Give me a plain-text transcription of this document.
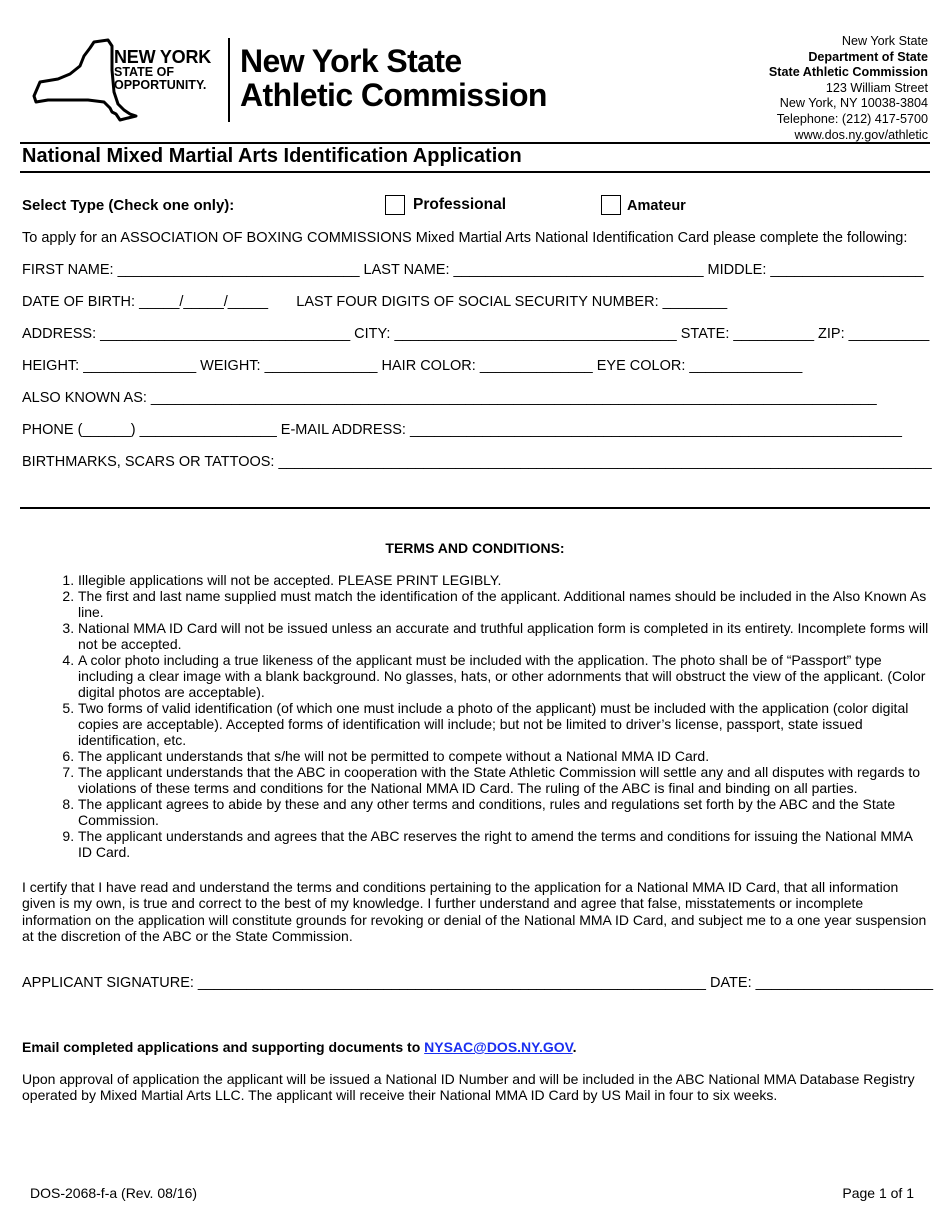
NEW YORK
STATE OF
OPPORTUNITY.
New York State
Athletic Commission
New York State
Department of State
State Athletic Commission
123 William Street
New York, NY 10038-3804
Telephone: (212) 417-5700
www.dos.ny.gov/athletic
National Mixed Martial Arts Identification Application
Select Type (Check one only):	Professional	Amateur
To apply for an ASSOCIATION OF BOXING COMMISSIONS Mixed Martial Arts National Identification Card please complete the following:
FIRST NAME: ______________________________ LAST NAME: _______________________________ MIDDLE: ___________________
DATE OF BIRTH: _____/_____/_____       LAST FOUR DIGITS OF SOCIAL SECURITY NUMBER: ________
ADDRESS: _______________________________ CITY: ___________________________________ STATE: __________ ZIP: __________
HEIGHT: ______________ WEIGHT: ______________ HAIR COLOR: ______________ EYE COLOR: ______________
ALSO KNOWN AS: __________________________________________________________________________________________
PHONE (______) _________________ E-MAIL ADDRESS: _____________________________________________________________
BIRTHMARKS, SCARS OR TATTOOS: _________________________________________________________________________________
TERMS AND CONDITIONS:
1. Illegible applications will not be accepted. PLEASE PRINT LEGIBLY.
2. The first and last name supplied must match the identification of the applicant. Additional names should be included in the Also Known As line.
3. National MMA ID Card will not be issued unless an accurate and truthful application form is completed in its entirety. Incomplete forms will not be accepted.
4. A color photo including a true likeness of the applicant must be included with the application. The photo shall be of “Passport” type including a clear image with a blank background. No glasses, hats, or other adornments that will obstruct the view of the applicant. (Color digital photos are acceptable).
5. Two forms of valid identification (of which one must include a photo of the applicant) must be included with the application (color digital copies are acceptable). Accepted forms of identification will include; but not be limited to driver’s license, passport, state issued identification, etc.
6. The applicant understands that s/he will not be permitted to compete without a National MMA ID Card.
7. The applicant understands that the ABC in cooperation with the State Athletic Commission will settle any and all disputes with regards to violations of these terms and conditions for the National MMA ID Card. The ruling of the ABC is final and binding on all parties.
8. The applicant agrees to abide by these and any other terms and conditions, rules and regulations set forth by the ABC and the State Commission.
9. The applicant understands and agrees that the ABC reserves the right to amend the terms and conditions for issuing the National MMA ID Card.
I certify that I have read and understand the terms and conditions pertaining to the application for a National MMA ID Card, that all information given is my own, is true and correct to the best of my knowledge. I further understand and agree that false, misstatements or incomplete information on the application will constitute grounds for revoking or denial of the National MMA ID Card, and subject me to a one year suspension at the discretion of the ABC or the State Commission.
APPLICANT SIGNATURE: _______________________________________________________________ DATE: ______________________
Email completed applications and supporting documents to NYSAC@DOS.NY.GOV.
Upon approval of application the applicant will be issued a National ID Number and will be included in the ABC National MMA Database Registry operated by Mixed Martial Arts LLC. The applicant will receive their National MMA ID Card by US Mail in four to six weeks.
DOS-2068-f-a (Rev. 08/16)	Page 1 of 1
